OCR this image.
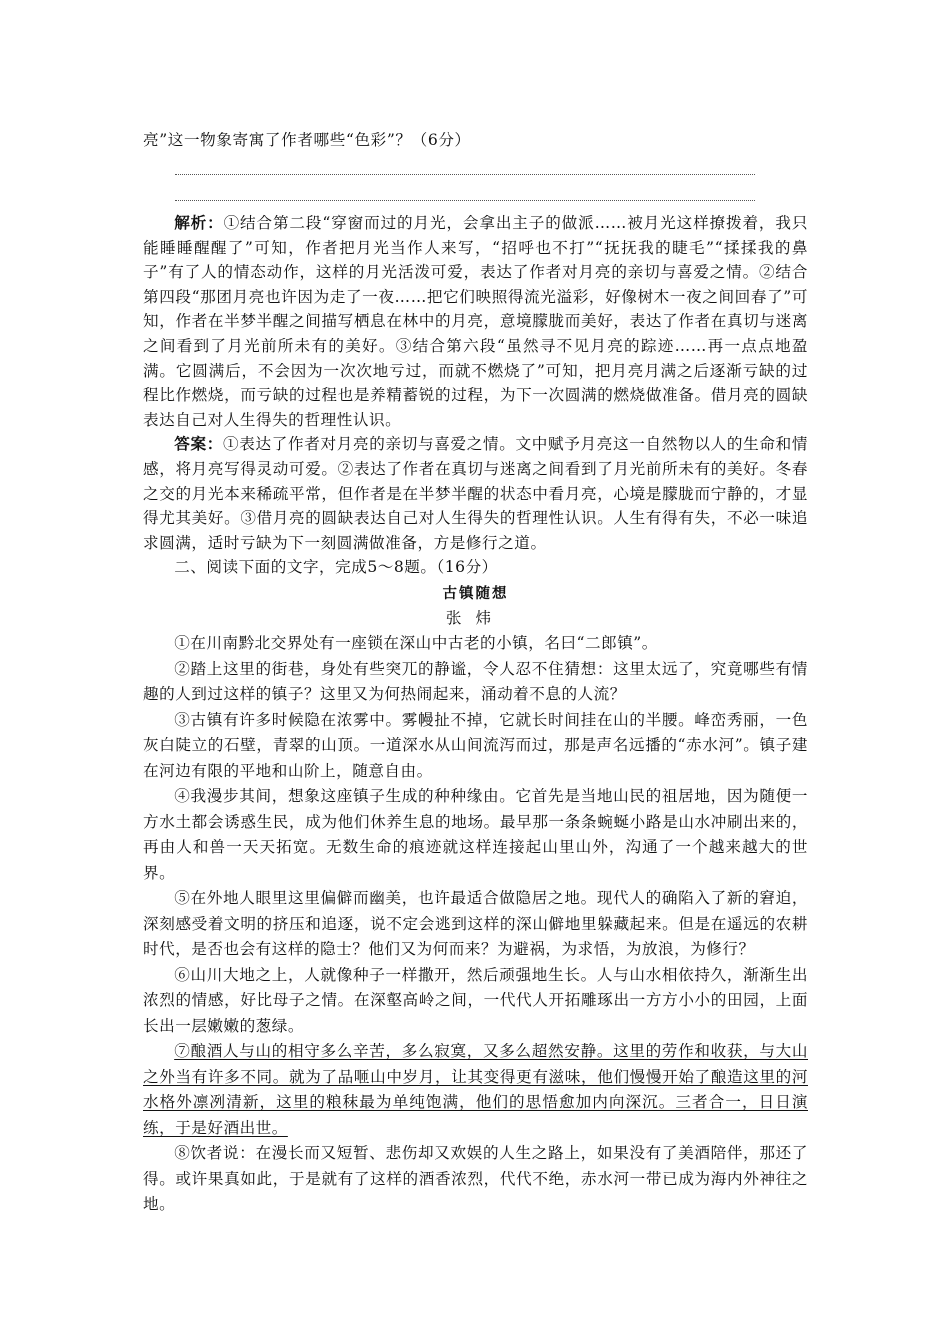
亮”这一物象寄寓了作者哪些“色彩”？（6分）

解析：①结合第二段“穿窗而过的月光，会拿出主子的做派……被月光这样撩拨着，我只能睡睡醒醒了”可知，作者把月光当作人来写，“招呼也不打”“抚抚我的睫毛”“揉揉我的鼻子”有了人的情态动作，这样的月光活泼可爱，表达了作者对月亮的亲切与喜爱之情。②结合第四段“那团月亮也许因为走了一夜……把它们映照得流光溢彩，好像树木一夜之间回春了”可知，作者在半梦半醒之间描写栖息在林中的月亮，意境朦胧而美好，表达了作者在真切与迷离之间看到了月光前所未有的美好。③结合第六段“虽然寻不见月亮的踪迹……再一点点地盈满。它圆满后，不会因为一次次地亏过，而就不燃烧了”可知，把月亮月满之后逐渐亏缺的过程比作燃烧，而亏缺的过程也是养精蓄锐的过程，为下一次圆满的燃烧做准备。借月亮的圆缺表达自己对人生得失的哲理性认识。

答案：①表达了作者对月亮的亲切与喜爱之情。文中赋予月亮这一自然物以人的生命和情感，将月亮写得灵动可爱。②表达了作者在真切与迷离之间看到了月光前所未有的美好。冬春之交的月光本来稀疏平常，但作者是在半梦半醒的状态中看月亮，心境是朦胧而宁静的，才显得尤其美好。③借月亮的圆缺表达自己对人生得失的哲理性认识。人生有得有失，不必一味追求圆满，适时亏缺为下一刻圆满做准备，方是修行之道。

二、阅读下面的文字，完成5～8题。（16分）

古镇随想

张炜

①在川南黔北交界处有一座锁在深山中古老的小镇，名曰“二郎镇”。

②踏上这里的街巷，身处有些突兀的静谧，令人忍不住猜想：这里太远了，究竟哪些有情趣的人到过这样的镇子？这里又为何热闹起来，涌动着不息的人流？

③古镇有许多时候隐在浓雾中。雾幔扯不掉，它就长时间挂在山的半腰。峰峦秀丽，一色灰白陡立的石壁，青翠的山顶。一道深水从山间流泻而过，那是声名远播的“赤水河”。镇子建在河边有限的平地和山阶上，随意自由。

④我漫步其间，想象这座镇子生成的种种缘由。它首先是当地山民的祖居地，因为随便一方水土都会诱惑生民，成为他们休养生息的地场。最早那一条条蜿蜒小路是山水冲刷出来的，再由人和兽一天天拓宽。无数生命的痕迹就这样连接起山里山外，沟通了一个越来越大的世界。

⑤在外地人眼里这里偏僻而幽美，也许最适合做隐居之地。现代人的确陷入了新的窘迫，深刻感受着文明的挤压和追逐，说不定会逃到这样的深山僻地里躲藏起来。但是在遥远的农耕时代，是否也会有这样的隐士？他们又为何而来？为避祸，为求悟，为放浪，为修行？

⑥山川大地之上，人就像种子一样撒开，然后顽强地生长。人与山水相依持久，渐渐生出浓烈的情感，好比母子之情。在深壑高岭之间，一代代人开拓雕琢出一方方小小的田园，上面长出一层嫩嫩的葱绿。

⑦酿酒人与山的相守多么辛苦，多么寂寞，又多么超然安静。这里的劳作和收获，与大山之外当有许多不同。就为了品咂山中岁月，让其变得更有滋味，他们慢慢开始了酿造这里的河水格外凛冽清新，这里的粮秣最为单纯饱满，他们的思悟愈加内向深沉。三者合一，日日演练，于是好酒出世。

⑧饮者说：在漫长而又短暂、悲伤却又欢娱的人生之路上，如果没有了美酒陪伴，那还了得。或许果真如此，于是就有了这样的酒香浓烈，代代不绝，赤水河一带已成为海内外神往之地。
